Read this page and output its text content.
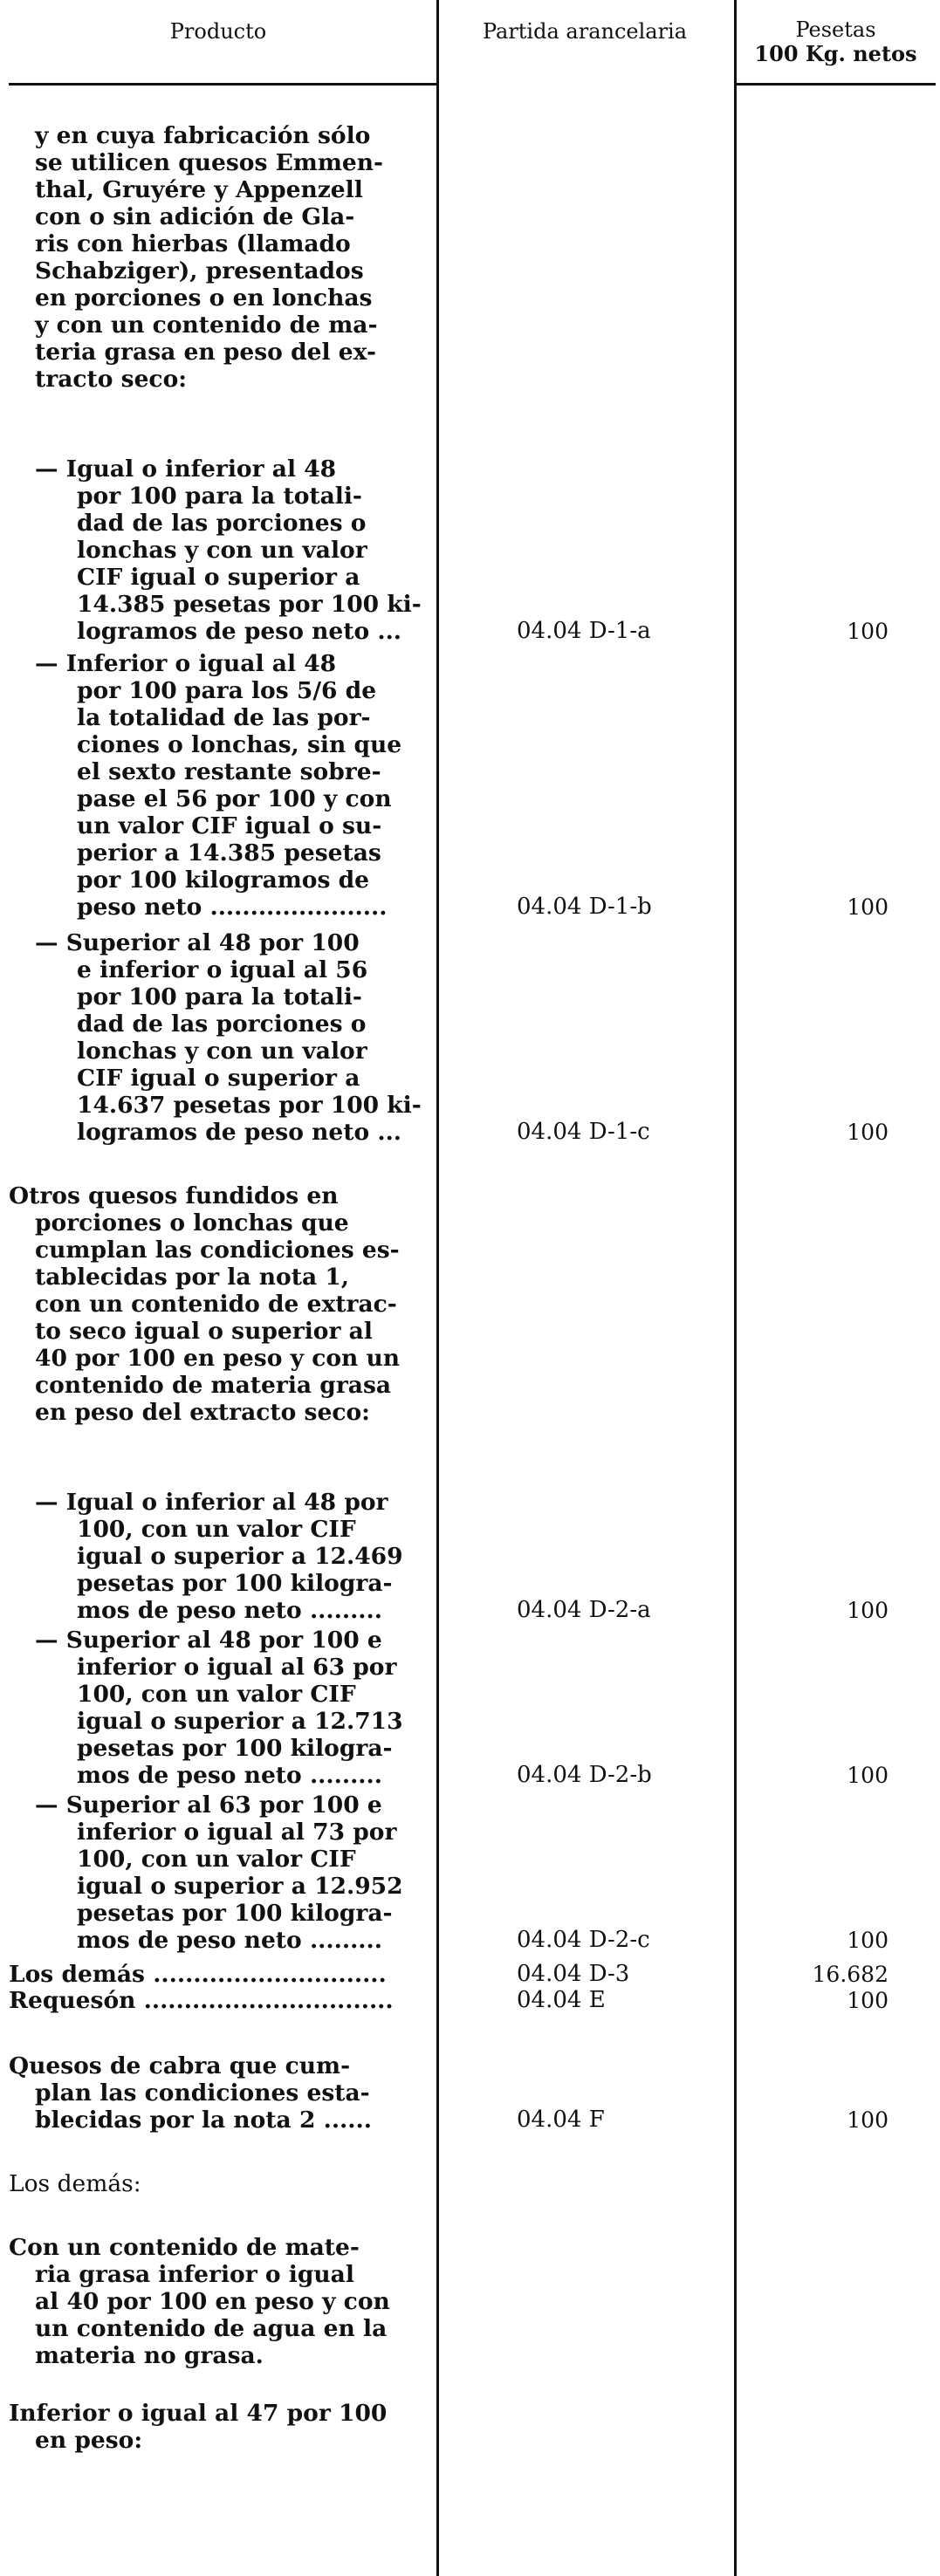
Producto	Partida arancelaria	Pesetas
100 Kg. netos
y en cuya fabricación sólo
se utilicen quesos Emmen-
thal, Gruyére y Appenzell
con o sin adición de Gla-
ris con hierbas (llamado
Schabziger), presentados
en porciones o en lonchas
y con un contenido de ma-
teria grasa en peso del ex-
tracto seco:
— Igual o inferior al 48
por 100 para la totali-
dad de las porciones o
lonchas y con un valor
CIF igual o superior a
14.385 pesetas por 100 ki-
logramos de peso neto ...	04.04 D-1-a	100
— Inferior o igual al 48
por 100 para los 5/6 de
la totalidad de las por-
ciones o lonchas, sin que
el sexto restante sobre-
pase el 56 por 100 y con
un valor CIF igual o su-
perior a 14.385 pesetas
por 100 kilogramos de
peso neto ......................	04.04 D-1-b	100
— Superior al 48 por 100
e inferior o igual al 56
por 100 para la totali-
dad de las porciones o
lonchas y con un valor
CIF igual o superior a
14.637 pesetas por 100 ki-
logramos de peso neto ...	04.04 D-1-c	100
Otros quesos fundidos en
porciones o lonchas que
cumplan las condiciones es-
tablecidas por la nota 1,
con un contenido de extrac-
to seco igual o superior al
40 por 100 en peso y con un
contenido de materia grasa
en peso del extracto seco:
— Igual o inferior al 48 por
100, con un valor CIF
igual o superior a 12.469
pesetas por 100 kilogra-
mos de peso neto .........	04.04 D-2-a	100
— Superior al 48 por 100 e
inferior o igual al 63 por
100, con un valor CIF
igual o superior a 12.713
pesetas por 100 kilogra-
mos de peso neto .........	04.04 D-2-b	100
— Superior al 63 por 100 e
inferior o igual al 73 por
100, con un valor CIF
igual o superior a 12.952
pesetas por 100 kilogra-
mos de peso neto .........	04.04 D-2-c	100
Los demás .............................	04.04 D-3	16.682
Requesón ...............................	04.04 E	100
Quesos de cabra que cum-
plan las condiciones esta-
blecidas por la nota 2 ......	04.04 F	100
Los demás:
Con un contenido de mate-
ria grasa inferior o igual
al 40 por 100 en peso y con
un contenido de agua en la
materia no grasa.
Inferior o igual al 47 por 100
en peso:
